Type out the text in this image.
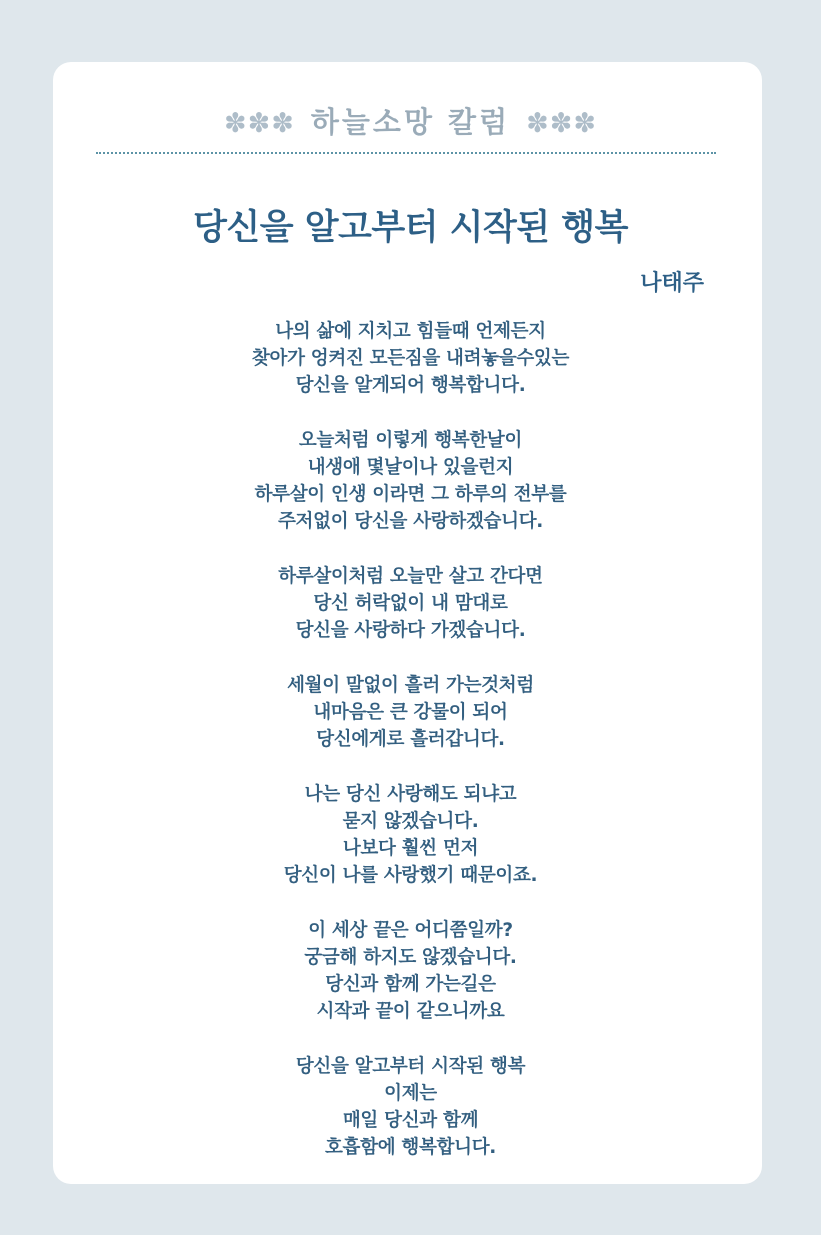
✽✽✽ 하늘소망 칼럼 ✽✽✽
당신을 알고부터 시작된 행복
나태주
나의 삶에 지치고 힘들때 언제든지
찾아가 엉켜진 모든짐을 내려놓을수있는
당신을 알게되어 행복합니다.
오늘처럼 이렇게 행복한날이
내생애 몇날이나 있을런지
하루살이 인생 이라면 그 하루의 전부를
주저없이 당신을 사랑하겠습니다.
하루살이처럼 오늘만 살고 간다면
당신 허락없이 내 맘대로
당신을 사랑하다 가겠습니다.
세월이 말없이 흘러 가는것처럼
내마음은 큰 강물이 되어
당신에게로 흘러갑니다.
나는 당신 사랑해도 되냐고
묻지 않겠습니다.
나보다 훨씬 먼저
당신이 나를 사랑했기 때문이죠.
이 세상 끝은 어디쯤일까?
궁금해 하지도 않겠습니다.
당신과 함께 가는길은
시작과 끝이 같으니까요
당신을 알고부터 시작된 행복
이제는
매일 당신과 함께
호흡함에 행복합니다.
